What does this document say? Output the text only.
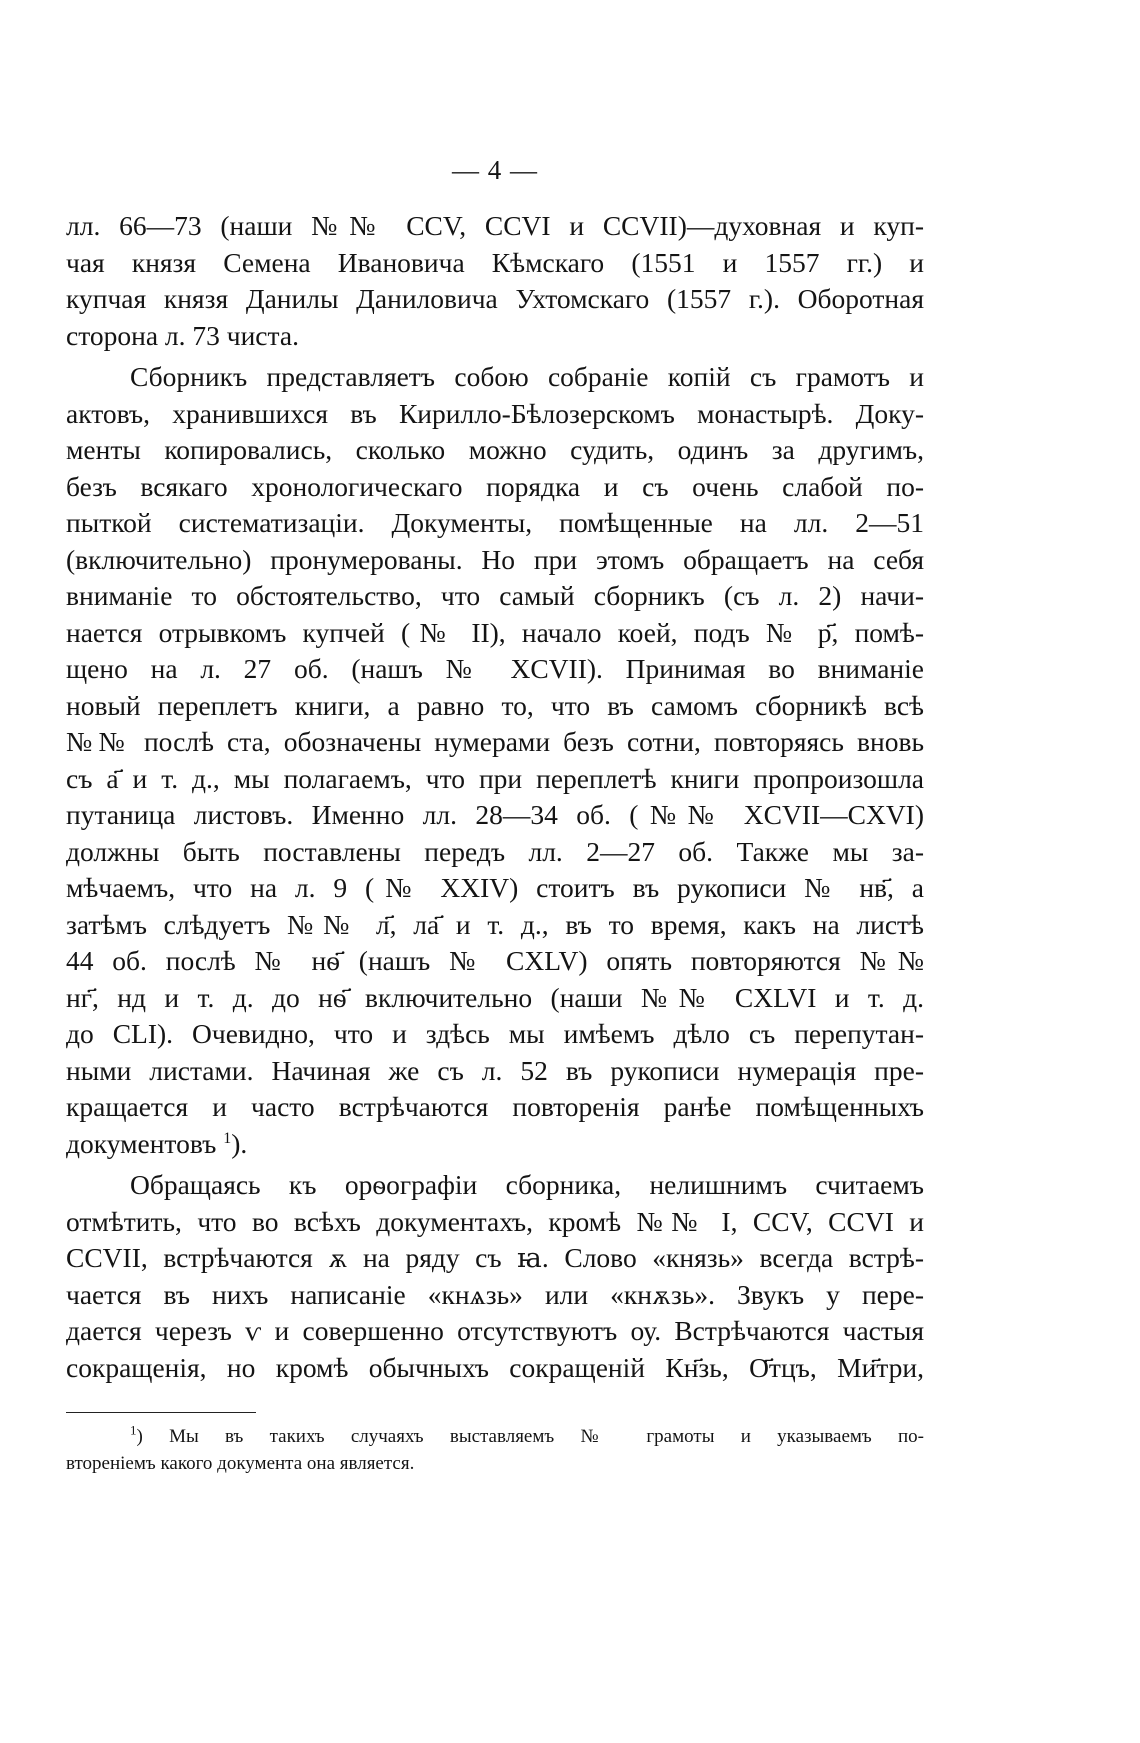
— 4 —
лл. 66—73 (наши №№ CCV, CCVI и CCVII)—духовная и куп-
чая князя Семена Ивановича Кѣмскаго (1551 и 1557 гг.) и
купчая князя Данилы Даниловича Ухтомскаго (1557 г.). Оборотная
сторона л. 73 чиста.
Сборникъ представляетъ собою собраніе копій съ грамотъ и
актовъ, хранившихся въ Кирилло-Бѣлозерскомъ монастырѣ. Доку-
менты копировались, сколько можно судить, одинъ за другимъ,
безъ всякаго хронологическаго порядка и съ очень слабой по-
пыткой систематизаціи. Документы, помѣщенные на лл. 2—51
(включительно) пронумерованы. Но при этомъ обращаетъ на себя
вниманіе то обстоятельство, что самый сборникъ (съ л. 2) начи-
нается отрывкомъ купчей (№ II), начало коей, подъ № р҃, помѣ-
щено на л. 27 об. (нашъ № XCVII). Принимая во вниманіе
новый переплетъ книги, а равно то, что въ самомъ сборникѣ всѣ
№№ послѣ ста, обозначены нумерами безъ сотни, повторяясь вновь
съ а҃ и т. д., мы полагаемъ, что при переплетѣ книги пропроизошла
путаница листовъ. Именно лл. 28—34 об. (№№ XCVII—CXVI)
должны быть поставлены передъ лл. 2—27 об. Также мы за-
мѣчаемъ, что на л. 9 (№ XXIV) стоитъ въ рукописи № нв҃, а
затѣмъ слѣдуетъ №№ л҃, ла҃ и т. д., въ то время, какъ на листѣ
44 об. послѣ № нѳ҃ (нашъ № CXLV) опять повторяются №№
нг҃, нд и т. д. до нѳ҃ включительно (наши №№ CXLVI и т. д.
до CLI). Очевидно, что и здѣсь мы имѣемъ дѣло съ перепутан-
ными листами. Начиная же съ л. 52 въ рукописи нумерація пре-
кращается и часто встрѣчаются повторенія ранѣе помѣщенныхъ
документовъ $^1$).
Обращаясь къ орѳографіи сборника, нелишнимъ считаемъ
отмѣтить, что во всѣхъ документахъ, кромѣ №№ I, CCV, CCVI и
CCVII, встрѣчаются ѫ на ряду съ ꙗ. Слово «князь» всегда встрѣ-
чается въ нихъ написаніе «кнѧзь» или «кнѫзь». Звукъ у пере-
дается черезъ ѵ и совершенно отсутствуютъ оу. Встрѣчаются частыя
сокращенія, но кромѣ обычныхъ сокращеній Кн҃зь, О҃тцъ, Ми҃три,
$^1$) Мы въ такихъ случаяхъ выставляемъ № грамоты и указываемъ по-
вторенiемъ какого документа она является.
